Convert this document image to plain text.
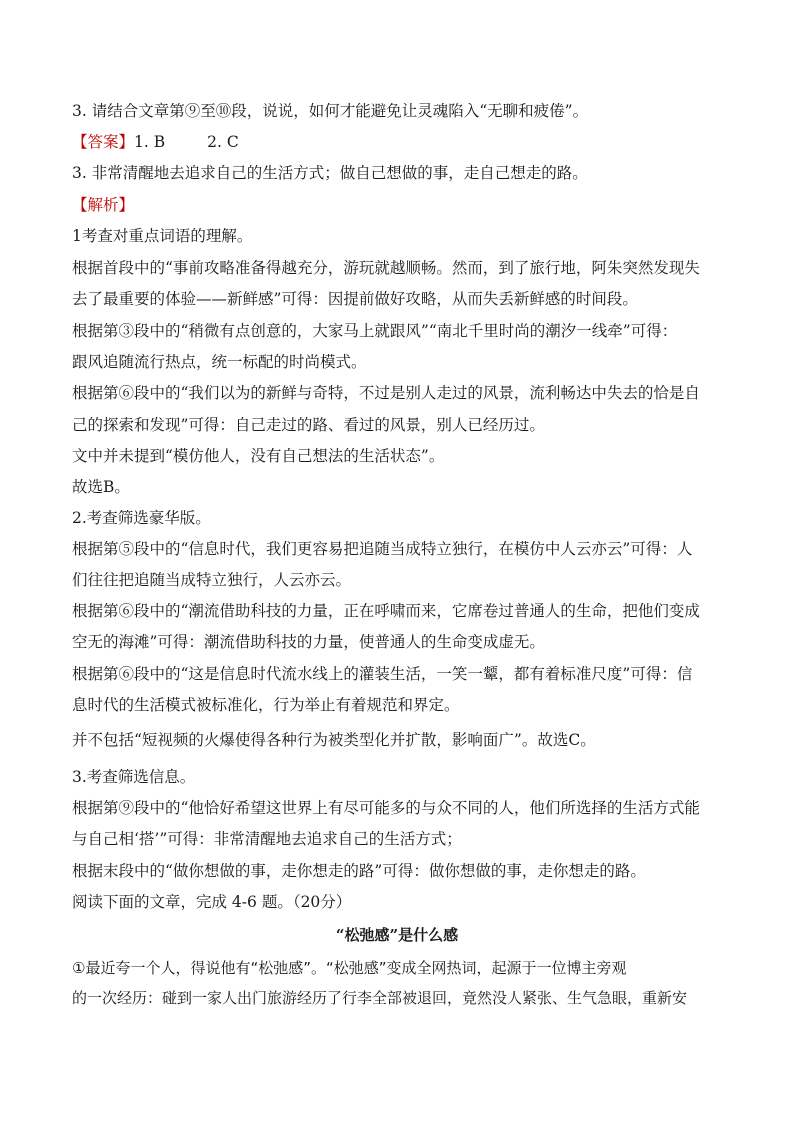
3. 请结合文章第⑨至⑩段，说说，如何才能避免让灵魂陷入“无聊和疲倦”。
【答案】1. B	2. C
3. 非常清醒地去追求自己的生活方式；做自己想做的事，走自己想走的路。
【解析】
1考查对重点词语的理解。
根据首段中的“事前攻略准备得越充分，游玩就越顺畅。然而，到了旅行地，阿朱突然发现失
去了最重要的体验——新鲜感”可得：因提前做好攻略，从而失丢新鲜感的时间段。
根据第③段中的“稍微有点创意的，大家马上就跟风”“南北千里时尚的潮汐一线牵”可得：
跟风追随流行热点，统一标配的时尚模式。
根据第⑥段中的“我们以为的新鲜与奇特，不过是别人走过的风景，流利畅达中失去的恰是自
己的探索和发现”可得：自己走过的路、看过的风景，别人已经历过。
文中并未提到“模仿他人，没有自己想法的生活状态”。
故选B。
2.考查筛选豪华版。
根据第⑤段中的“信息时代，我们更容易把追随当成特立独行，在模仿中人云亦云”可得：人
们往往把追随当成特立独行，人云亦云。
根据第⑥段中的“潮流借助科技的力量，正在呼啸而来，它席卷过普通人的生命，把他们变成
空无的海滩”可得：潮流借助科技的力量，使普通人的生命变成虚无。
根据第⑥段中的“这是信息时代流水线上的灌装生活，一笑一颦，都有着标准尺度”可得：信
息时代的生活模式被标准化，行为举止有着规范和界定。
并不包括“短视频的火爆使得各种行为被类型化并扩散，影响面广”。故选C。
3.考查筛选信息。
根据第⑨段中的“他恰好希望这世界上有尽可能多的与众不同的人，他们所选择的生活方式能
与自己相‘搭’”可得：非常清醒地去追求自己的生活方式；
根据末段中的“做你想做的事，走你想走的路”可得：做你想做的事，走你想走的路。
阅读下面的文章，完成 4-6 题。（20分）
“松弛感”是什么感
①最近夸一个人，得说他有“松弛感”。“松弛感”变成全网热词，起源于一位博主旁观
的一次经历：碰到一家人出门旅游经历了行李全部被退回，竟然没人紧张、生气急眼，重新安
